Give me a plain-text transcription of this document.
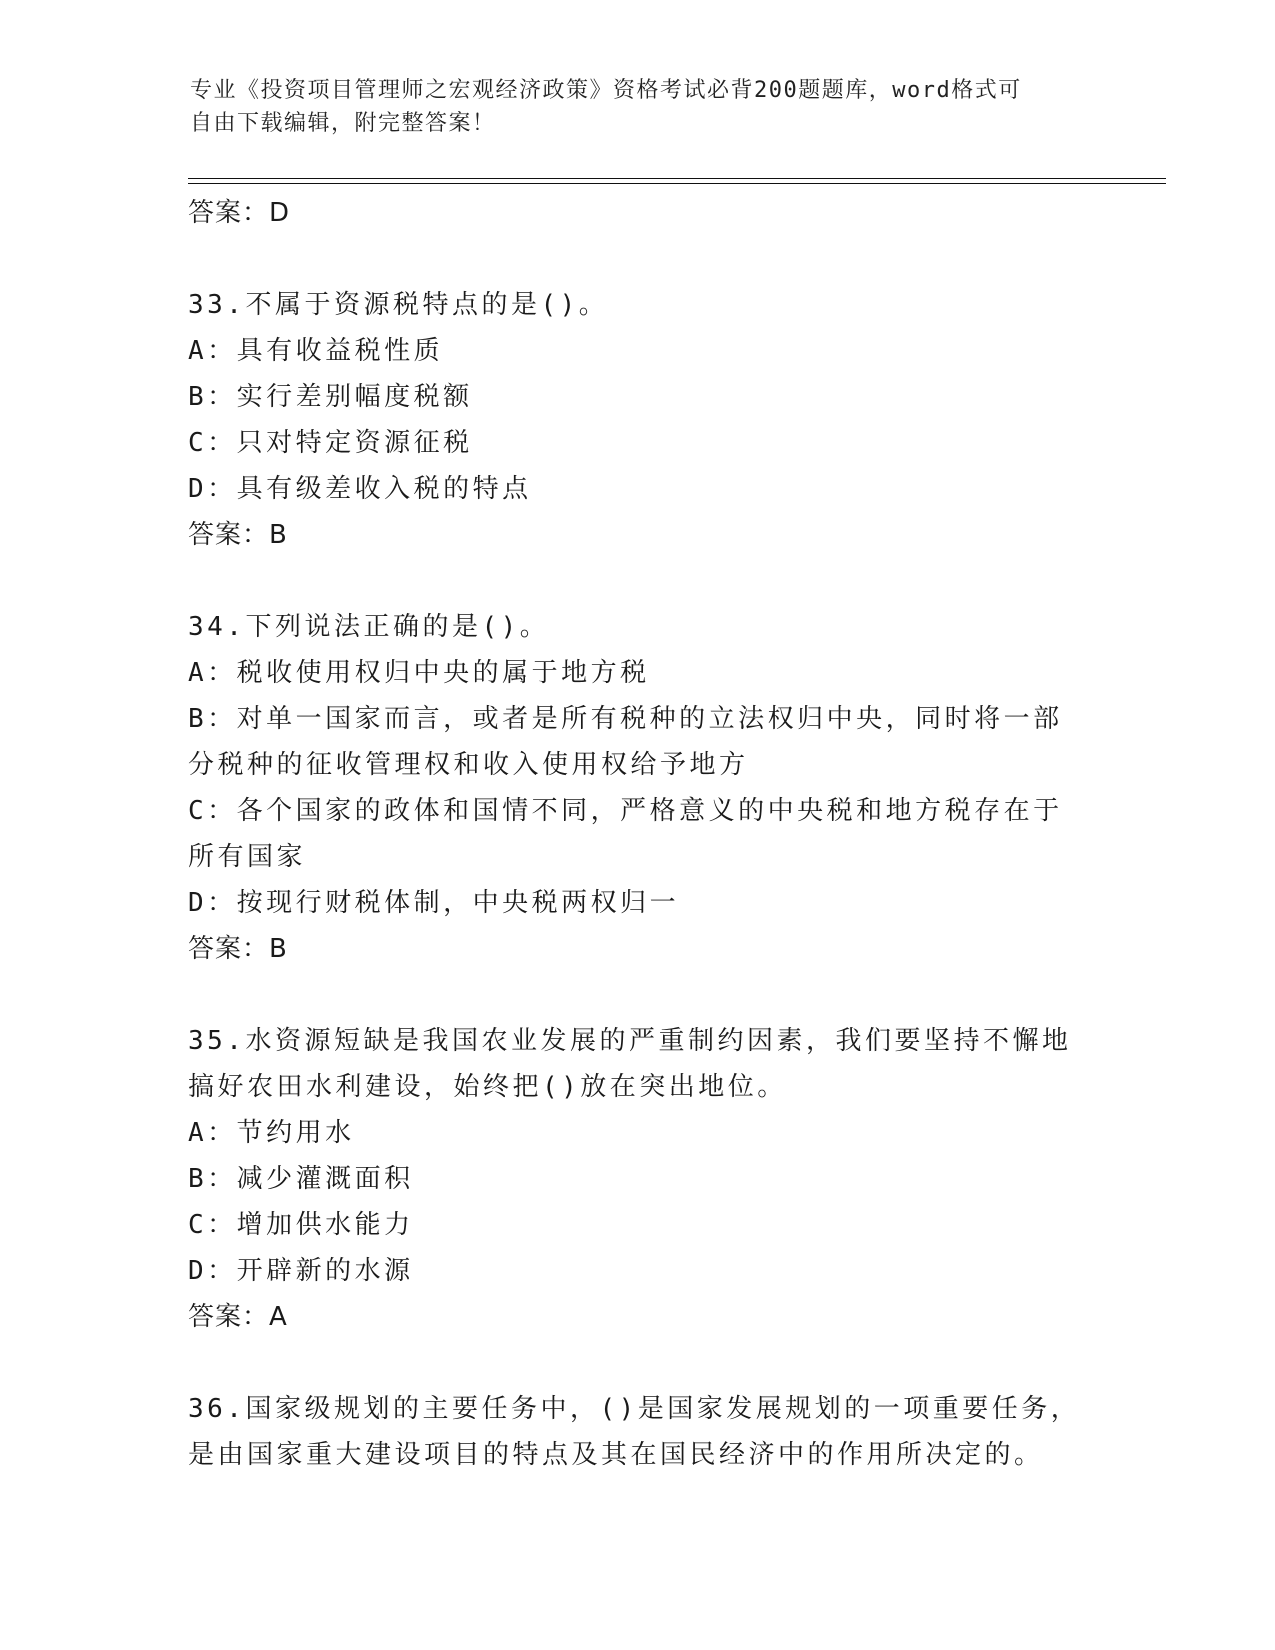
专业《投资项目管理师之宏观经济政策》资格考试必背200题题库，word格式可
自由下载编辑，附完整答案！

答案：D

33.不属于资源税特点的是()。

A：具有收益税性质

B：实行差别幅度税额

C：只对特定资源征税

D：具有级差收入税的特点

答案：B

34.下列说法正确的是()。

A：税收使用权归中央的属于地方税

B：对单一国家而言，或者是所有税种的立法权归中央，同时将一部分税种的征收管理权和收入使用权给予地方

C：各个国家的政体和国情不同，严格意义的中央税和地方税存在于所有国家

D：按现行财税体制，中央税两权归一

答案：B

35.水资源短缺是我国农业发展的严重制约因素，我们要坚持不懈地搞好农田水利建设，始终把()放在突出地位。

A：节约用水

B：减少灌溉面积

C：增加供水能力

D：开辟新的水源

答案：A

36.国家级规划的主要任务中，()是国家发展规划的一项重要任务，是由国家重大建设项目的特点及其在国民经济中的作用所决定的。
